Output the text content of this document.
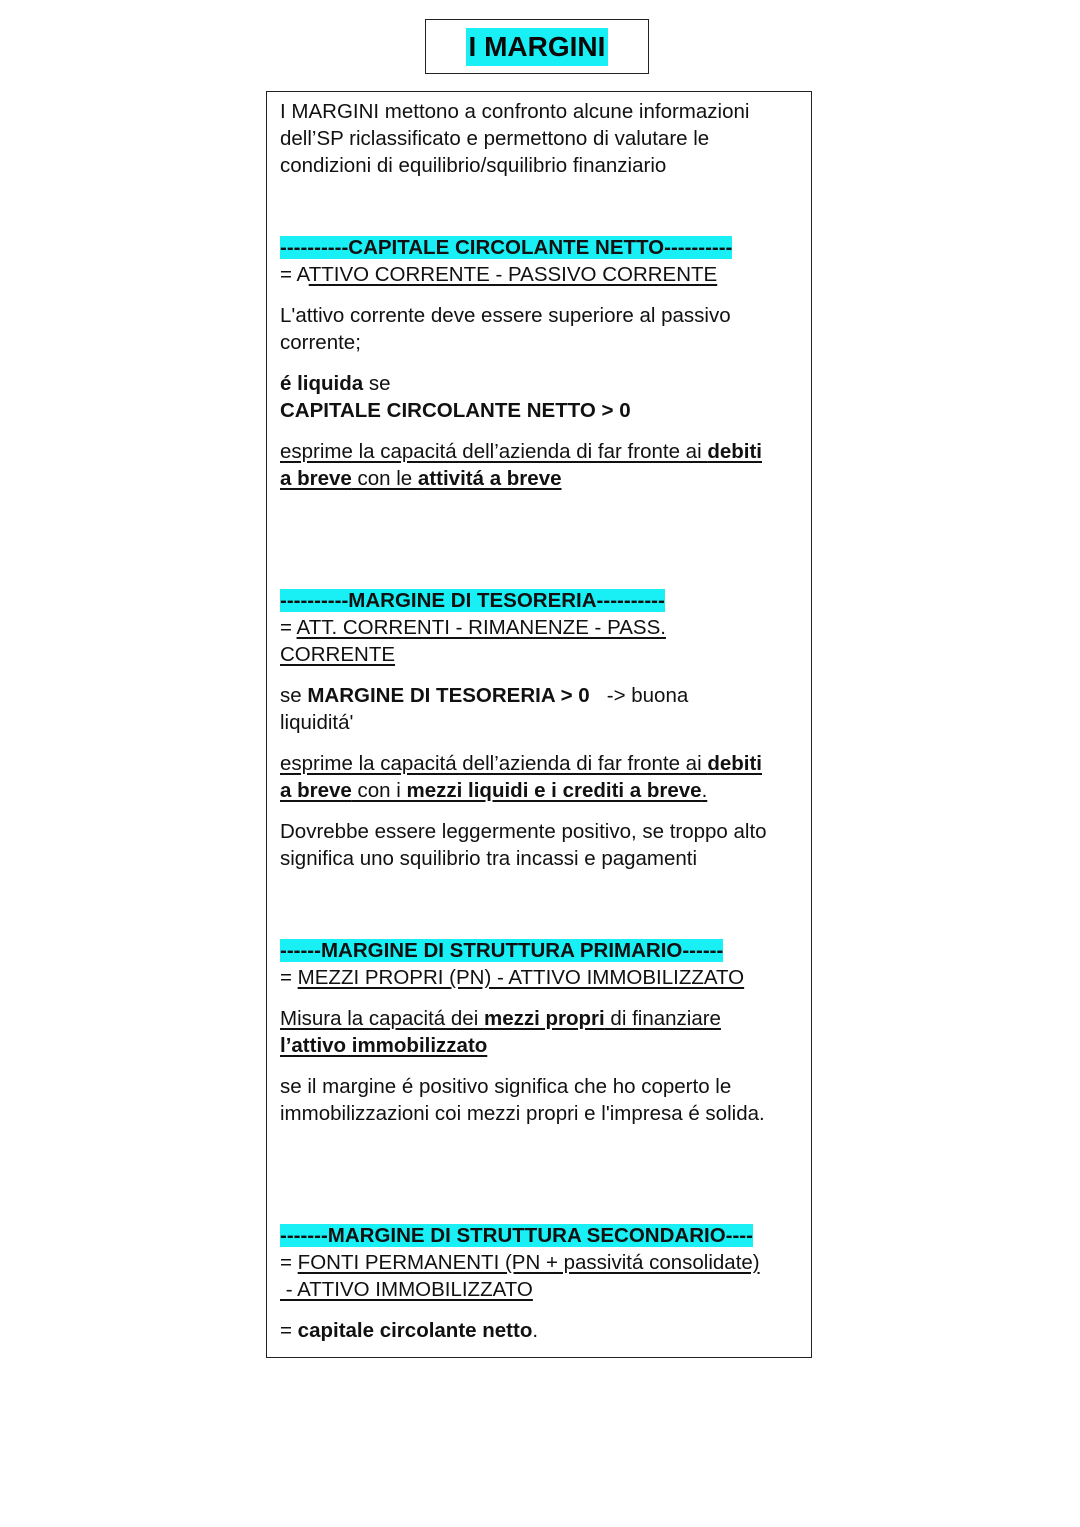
I MARGINI

I MARGINI mettono a confronto alcune informazioni

dell’SP riclassificato e permettono di valutare le

condizioni di equilibrio/squilibrio finanziario

----------CAPITALE CIRCOLANTE NETTO----------

= ATTIVO CORRENTE - PASSIVO CORRENTE

L'attivo corrente deve essere superiore al passivo

corrente;

é liquida se

CAPITALE CIRCOLANTE NETTO > 0

esprime la capacitá dell’azienda di far fronte ai debiti

a breve con le attivitá a breve

----------MARGINE DI TESORERIA----------

= ATT. CORRENTI - RIMANENZE - PASS.

CORRENTE

se MARGINE DI TESORERIA > 0   -> buona

liquiditá'

esprime la capacitá dell’azienda di far fronte ai debiti

a breve con i mezzi liquidi e i crediti a breve.

Dovrebbe essere leggermente positivo, se troppo alto

significa uno squilibrio tra incassi e pagamenti

------MARGINE DI STRUTTURA PRIMARIO------

= MEZZI PROPRI (PN) - ATTIVO IMMOBILIZZATO

Misura la capacitá dei mezzi propri di finanziare

l’attivo immobilizzato

se il margine é positivo significa che ho coperto le

immobilizzazioni coi mezzi propri e l'impresa é solida.

-------MARGINE DI STRUTTURA SECONDARIO----

= FONTI PERMANENTI (PN + passivitá consolidate)

- ATTIVO IMMOBILIZZATO

= capitale circolante netto.
